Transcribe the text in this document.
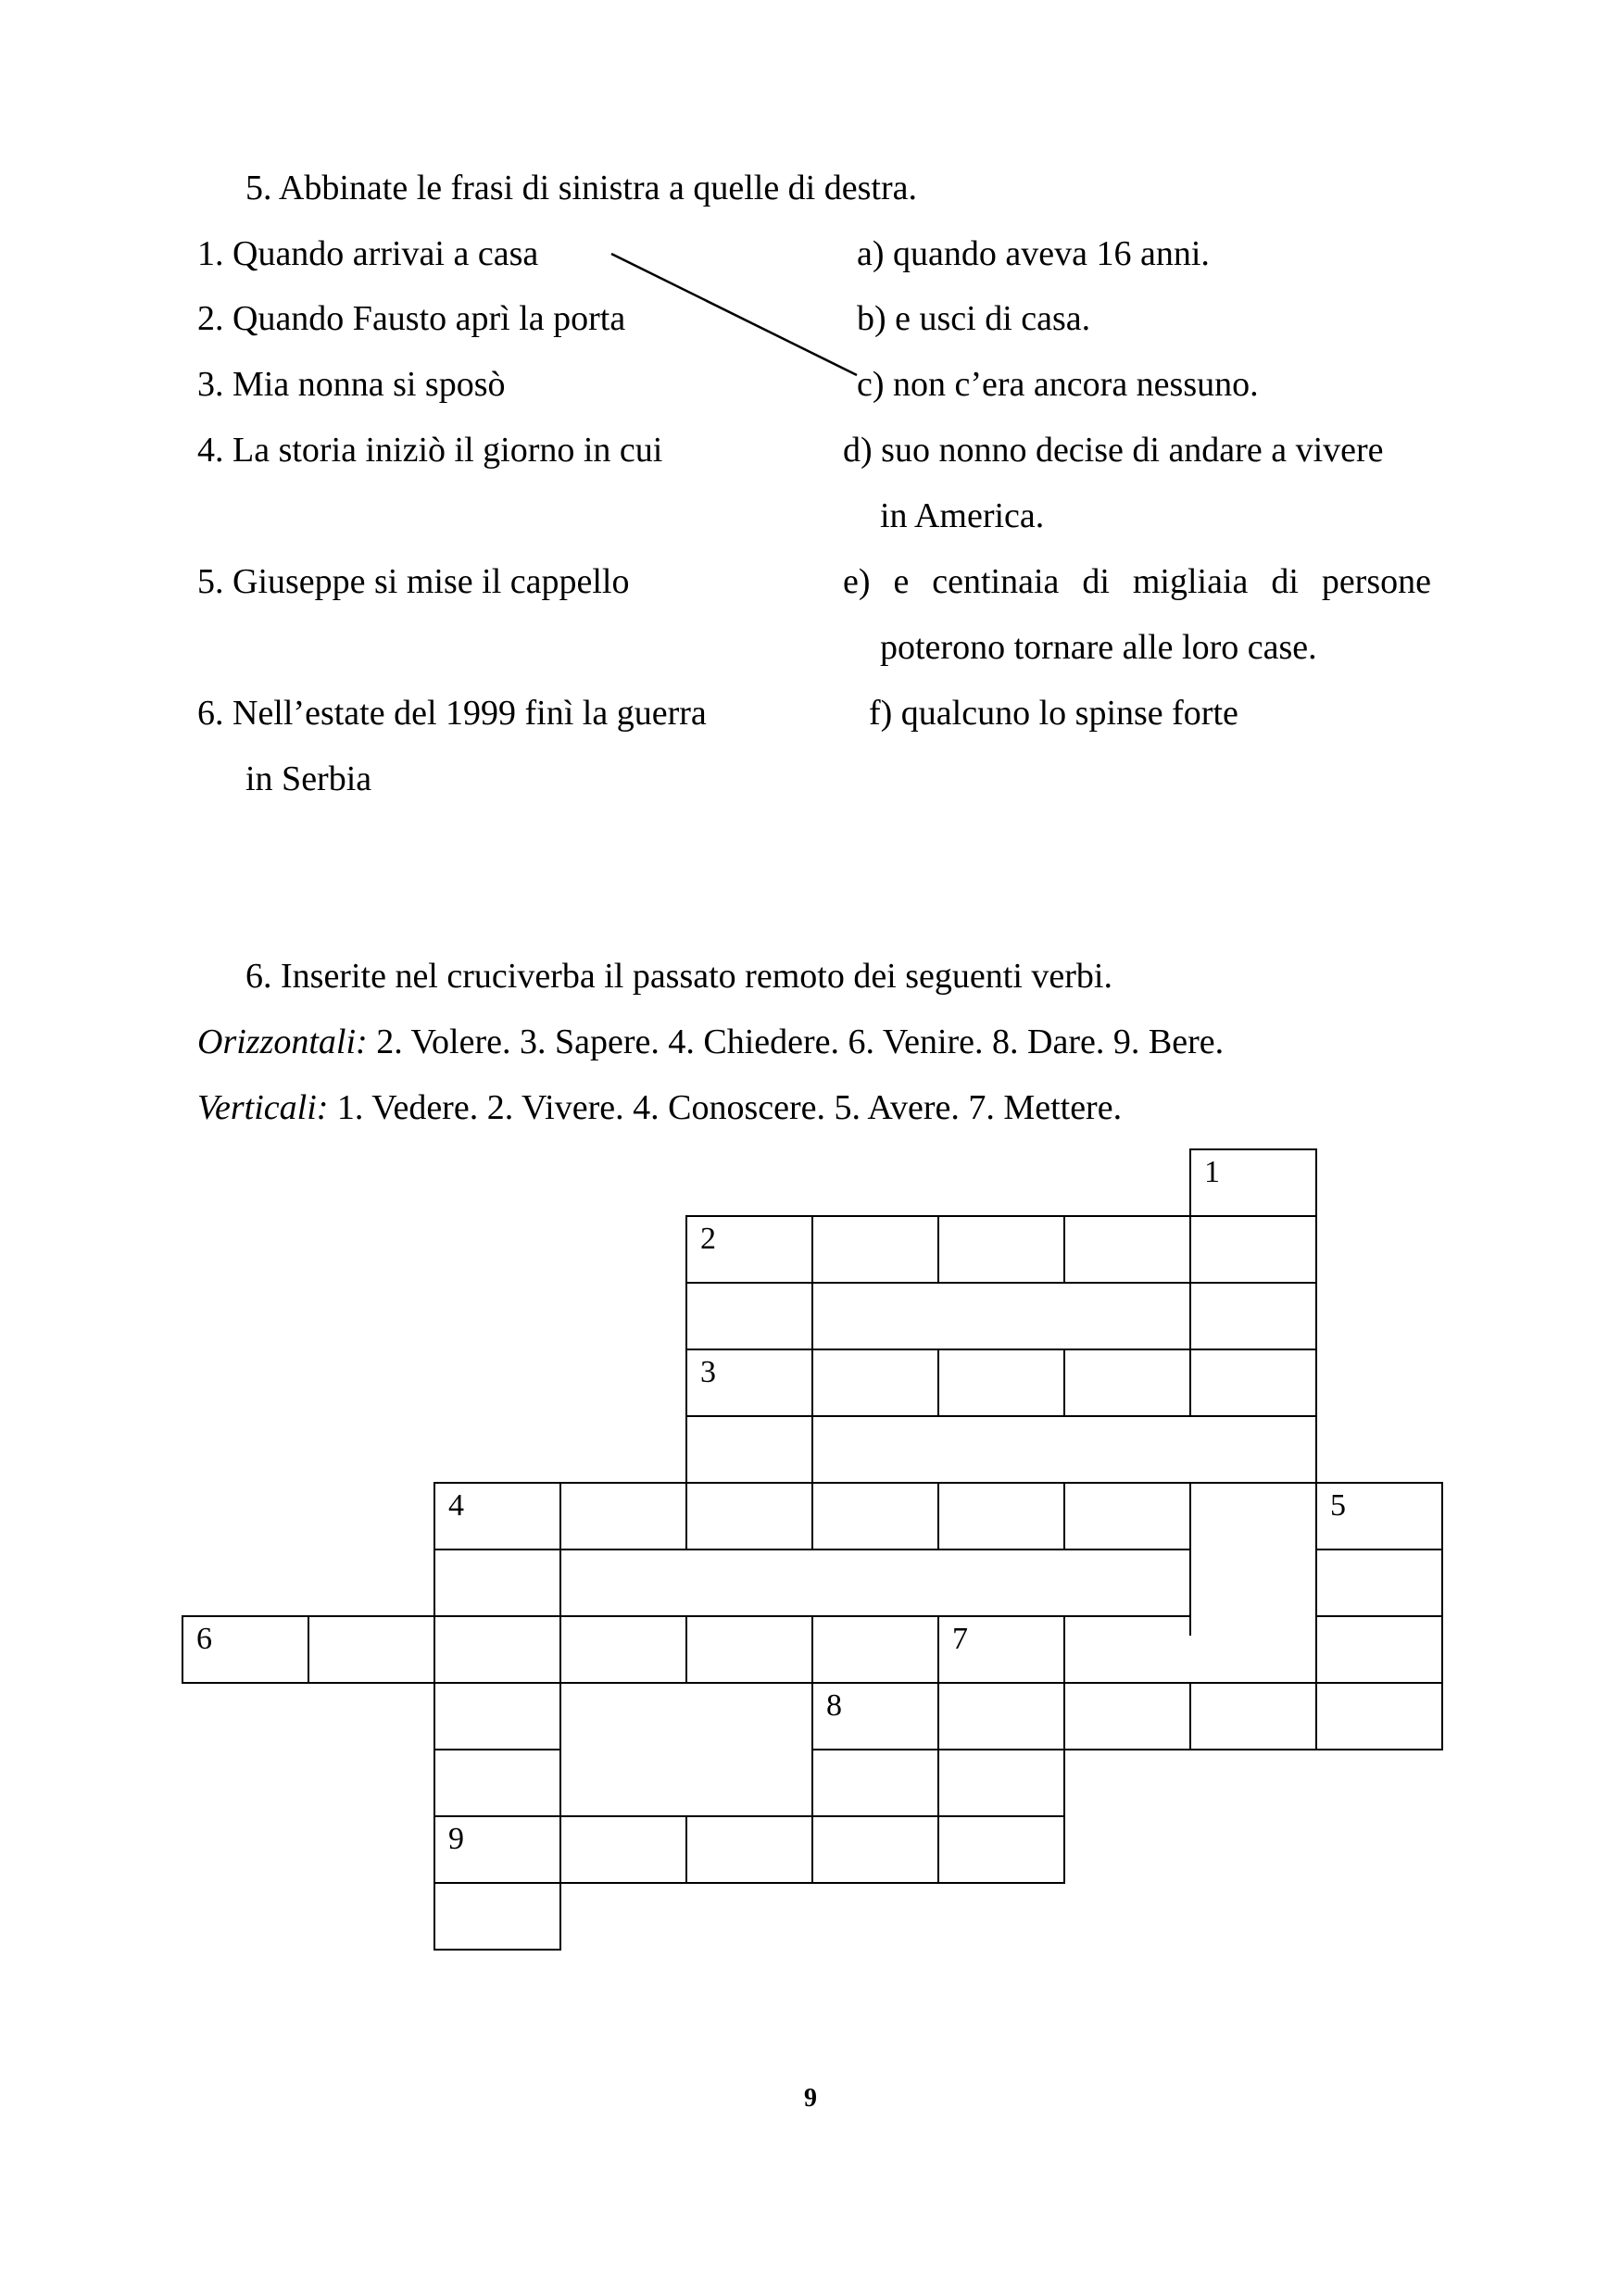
5. Abbinate le frasi di sinistra a quelle di destra.
1. Quando arrivai a casa
2. Quando Fausto aprì la porta
3. Mia nonna si sposò
4. La storia iniziò il giorno in cui
5. Giuseppe si mise il cappello
6. Nell’estate del 1999 finì la guerra
in Serbia
a) quando aveva 16 anni.
b) e usci di casa.
c) non c’era ancora nessuno.
d) suo nonno decise di andare a vivere
in America.
e) e centinaia di migliaia di persone
poterono tornare alle loro case.
f) qualcuno lo spinse forte
6. Inserite nel cruciverba il passato remoto dei seguenti verbi.
Orizzontali: 2. Volere. 3. Sapere. 4. Chiedere. 6. Venire. 8. Dare. 9. Bere.
Verticali: 1. Vedere. 2. Vivere. 4. Conoscere. 5. Avere. 7. Mettere.
1
2
3
4	5
6	7
8
9
9
